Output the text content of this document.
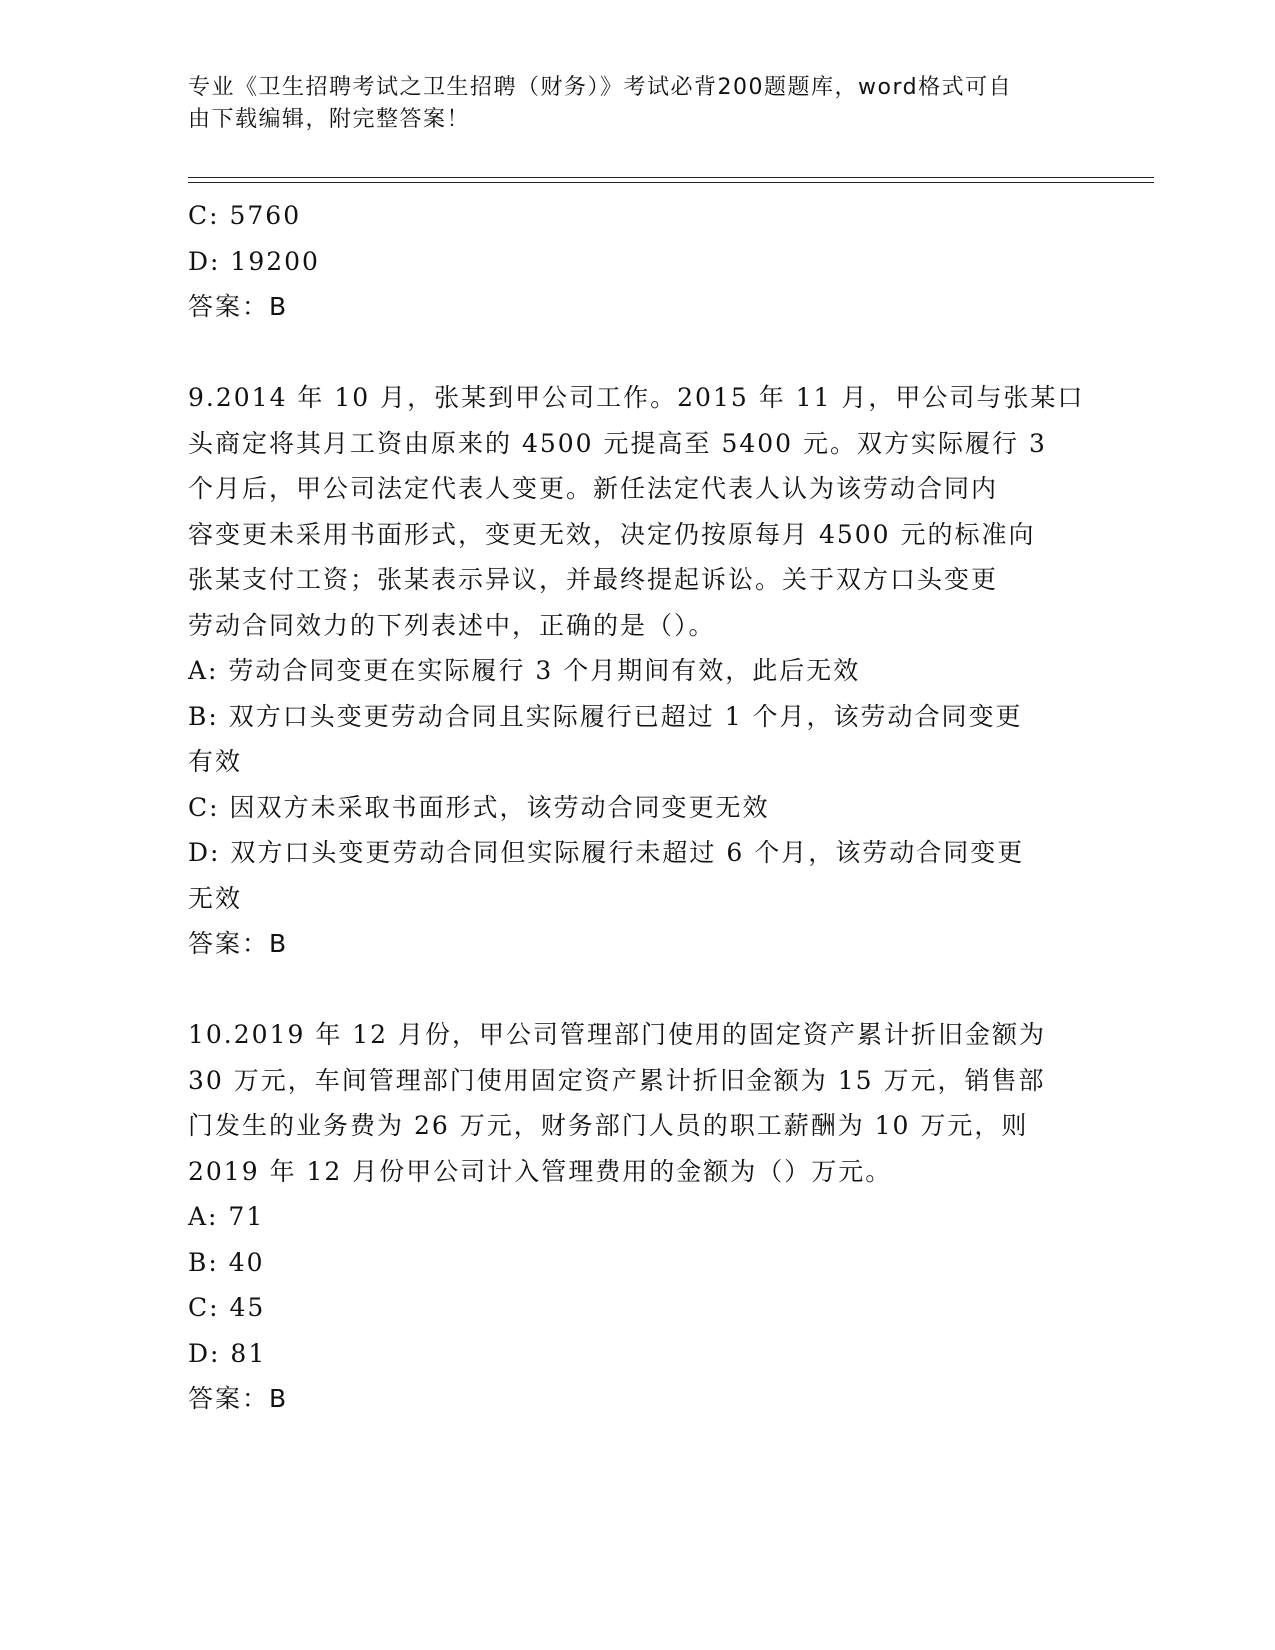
专业《卫生招聘考试之卫生招聘（财务）》考试必背200题题库，word格式可自
由下载编辑，附完整答案！
C: 5760
D: 19200
答案：B
9.2014 年 10 月，张某到甲公司工作。2015 年 11 月，甲公司与张某口
头商定将其月工资由原来的 4500 元提高至 5400 元。双方实际履行 3
个月后，甲公司法定代表人变更。新任法定代表人认为该劳动合同内
容变更未采用书面形式，变更无效，决定仍按原每月 4500 元的标准向
张某支付工资；张某表示异议，并最终提起诉讼。关于双方口头变更
劳动合同效力的下列表述中，正确的是（）。
A: 劳动合同变更在实际履行 3 个月期间有效，此后无效
B: 双方口头变更劳动合同且实际履行已超过 1 个月，该劳动合同变更
有效
C: 因双方未采取书面形式，该劳动合同变更无效
D: 双方口头变更劳动合同但实际履行未超过 6 个月，该劳动合同变更
无效
答案：B
10.2019 年 12 月份，甲公司管理部门使用的固定资产累计折旧金额为
30 万元，车间管理部门使用固定资产累计折旧金额为 15 万元，销售部
门发生的业务费为 26 万元，财务部门人员的职工薪酬为 10 万元，则
2019 年 12 月份甲公司计入管理费用的金额为（）万元。
A: 71
B: 40
C: 45
D: 81
答案：B
